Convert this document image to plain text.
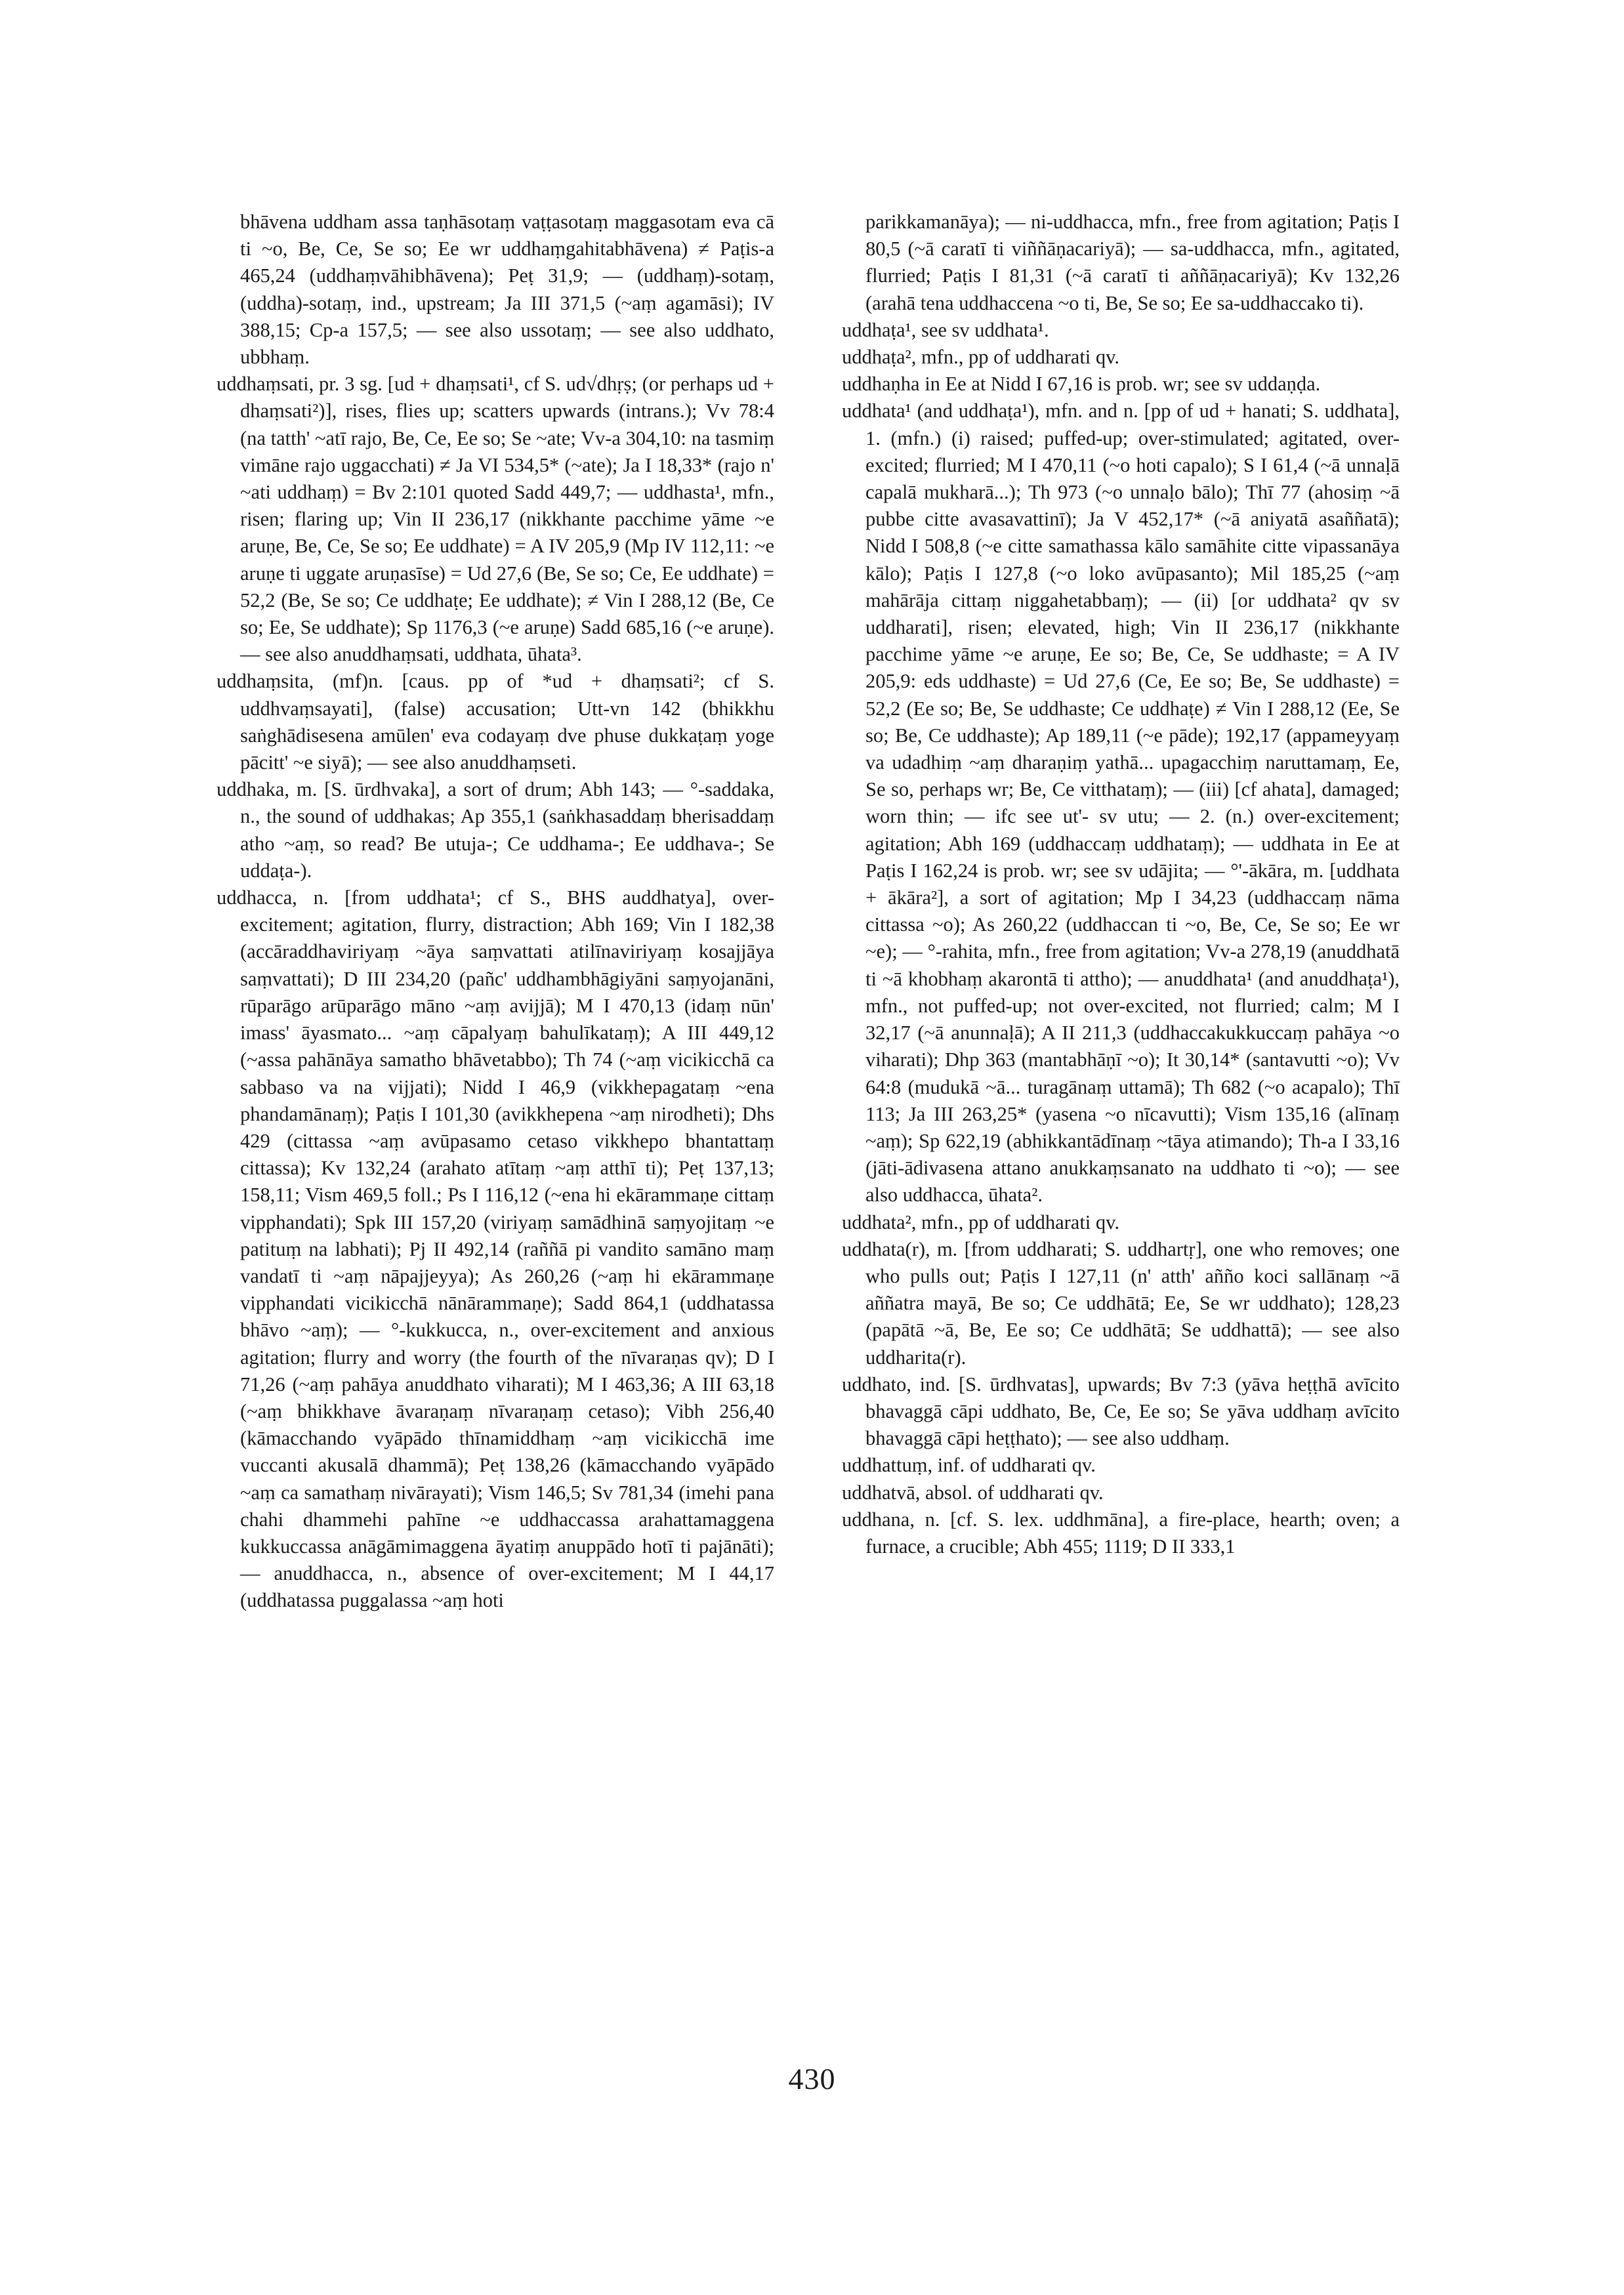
bhāvena uddham assa taṇhāsotaṃ vaṭṭasotaṃ maggasotam eva cā ti ~o, Be, Ce, Se so; Ee wr uddhaṃgahitabhāvena) ≠ Paṭis-a 465,24 (uddhaṃvāhibhāvena); Peṭ 31,9; — (uddhaṃ)-sotaṃ, (uddha)-sotaṃ, ind., upstream; Ja III 371,5 (~aṃ agamāsi); IV 388,15; Cp-a 157,5; — see also ussotaṃ; — see also uddhato, ubbhaṃ.

uddhaṃsati, pr. 3 sg. [ud + dhaṃsati¹, cf S. ud√dhṛṣ; (or perhaps ud + dhaṃsati²)], rises, flies up; scatters upwards (intrans.); Vv 78:4 (na tatth' ~atī rajo, Be, Ce, Ee so; Se ~ate; Vv-a 304,10: na tasmiṃ vimāne rajo uggacchati) ≠ Ja VI 534,5* (~ate); Ja I 18,33* (rajo n' ~ati uddhaṃ) = Bv 2:101 quoted Sadd 449,7; — uddhasta¹, mfn., risen; flaring up; Vin II 236,17 (nikkhante pacchime yāme ~e aruṇe, Be, Ce, Se so; Ee uddhate) = A IV 205,9 (Mp IV 112,11: ~e aruṇe ti uggate aruṇasīse) = Ud 27,6 (Be, Se so; Ce, Ee uddhate) = 52,2 (Be, Se so; Ce uddhaṭe; Ee uddhate); ≠ Vin I 288,12 (Be, Ce so; Ee, Se uddhate); Sp 1176,3 (~e aruṇe) Sadd 685,16 (~e aruṇe). — see also anuddhaṃsati, uddhata, ūhata³.

uddhaṃsita, (mf)n. [caus. pp of *ud + dhaṃsati²; cf S. uddhvaṃsayati], (false) accusation; Utt-vn 142 (bhikkhu saṅghādisesena amūlen' eva codayaṃ dve phuse dukkaṭaṃ yoge pācitt' ~e siyā); — see also anuddhaṃseti.

uddhaka, m. [S. ūrdhvaka], a sort of drum; Abh 143; — °-saddaka, n., the sound of uddhakas; Ap 355,1 (saṅkhasaddaṃ bherisaddaṃ atho ~aṃ, so read? Be utuja-; Ce uddhama-; Ee uddhava-; Se uddaṭa-).

uddhacca, n. [from uddhata¹; cf S., BHS auddhatya], over-excitement; agitation, flurry, distraction; Abh 169; Vin I 182,38 (accāraddhaviriyaṃ ~āya saṃvattati atilīnaviriyaṃ kosajjāya saṃvattati); D III 234,20 (pañc' uddhambhāgiyāni saṃyojanāni, rūparāgo arūparāgo māno ~aṃ avijjā); M I 470,13 (idaṃ nūn' imass' āyasmato... ~aṃ cāpalyaṃ bahulīkataṃ); A III 449,12 (~assa pahānāya samatho bhāvetabbo); Th 74 (~aṃ vicikicchā ca sabbaso va na vijjati); Nidd I 46,9 (vikkhepagataṃ ~ena phandamānaṃ); Paṭis I 101,30 (avikkhepena ~aṃ nirodheti); Dhs 429 (cittassa ~aṃ avūpasamo cetaso vikkhepo bhantattaṃ cittassa); Kv 132,24 (arahato atītaṃ ~aṃ atthī ti); Peṭ 137,13; 158,11; Vism 469,5 foll.; Ps I 116,12 (~ena hi ekārammaṇe cittaṃ vipphandati); Spk III 157,20 (viriyaṃ samādhinā saṃyojitaṃ ~e patituṃ na labhati); Pj II 492,14 (raññā pi vandito samāno maṃ vandatī ti ~aṃ nāpajjeyya); As 260,26 (~aṃ hi ekārammaṇe vipphandati vicikicchā nānārammaṇe); Sadd 864,1 (uddhatassa bhāvo ~aṃ); — °-kukkucca, n., over-excitement and anxious agitation; flurry and worry (the fourth of the nīvaraṇas qv); D I 71,26 (~aṃ pahāya anuddhato viharati); M I 463,36; A III 63,18 (~aṃ bhikkhave āvaraṇaṃ nīvaraṇaṃ cetaso); Vibh 256,40 (kāmacchando vyāpādo thīnamiddhaṃ ~aṃ vicikicchā ime vuccanti akusalā dhammā); Peṭ 138,26 (kāmacchando vyāpādo ~aṃ ca samathaṃ nivārayati); Vism 146,5; Sv 781,34 (imehi pana chahi dhammehi pahīne ~e uddhaccassa arahattamaggena kukkuccassa anāgāmimaggena āyatiṃ anuppādo hotī ti pajānāti); — anuddhacca, n., absence of over-excitement; M I 44,17 (uddhatassa puggalassa ~aṃ hoti

parikkamanāya); — ni-uddhacca, mfn., free from agitation; Paṭis I 80,5 (~ā caratī ti viññāṇacariyā); — sa-uddhacca, mfn., agitated, flurried; Paṭis I 81,31 (~ā caratī ti aññāṇacariyā); Kv 132,26 (arahā tena uddhaccena ~o ti, Be, Se so; Ee sa-uddhaccako ti).

uddhaṭa¹, see sv uddhata¹.

uddhaṭa², mfn., pp of uddharati qv.

uddhaṇha in Ee at Nidd I 67,16 is prob. wr; see sv uddaṇḍa.

uddhata¹ (and uddhaṭa¹), mfn. and n. [pp of ud + hanati; S. uddhata], 1. (mfn.) (i) raised; puffed-up; over-stimulated; agitated, over-excited; flurried; M I 470,11 (~o hoti capalo); S I 61,4 (~ā unnaḷā capalā mukharā...); Th 973 (~o unnaḷo bālo); Thī 77 (ahosiṃ ~ā pubbe citte avasavattinī); Ja V 452,17* (~ā aniyatā asaññatā); Nidd I 508,8 (~e citte samathassa kālo samāhite citte vipassanāya kālo); Paṭis I 127,8 (~o loko avūpasanto); Mil 185,25 (~aṃ mahārāja cittaṃ niggahetabbaṃ); — (ii) [or uddhata² qv sv uddharati], risen; elevated, high; Vin II 236,17 (nikkhante pacchime yāme ~e aruṇe, Ee so; Be, Ce, Se uddhaste; = A IV 205,9: eds uddhaste) = Ud 27,6 (Ce, Ee so; Be, Se uddhaste) = 52,2 (Ee so; Be, Se uddhaste; Ce uddhaṭe) ≠ Vin I 288,12 (Ee, Se so; Be, Ce uddhaste); Ap 189,11 (~e pāde); 192,17 (appameyyaṃ va udadhiṃ ~aṃ dharaṇiṃ yathā... upagacchiṃ naruttamaṃ, Ee, Se so, perhaps wr; Be, Ce vitthataṃ); — (iii) [cf ahata], damaged; worn thin; — ifc see ut'- sv utu; — 2. (n.) over-excitement; agitation; Abh 169 (uddhaccaṃ uddhataṃ); — uddhata in Ee at Paṭis I 162,24 is prob. wr; see sv udājita; — °'-ākāra, m. [uddhata + ākāra²], a sort of agitation; Mp I 34,23 (uddhaccaṃ nāma cittassa ~o); As 260,22 (uddhaccan ti ~o, Be, Ce, Se so; Ee wr ~e); — °-rahita, mfn., free from agitation; Vv-a 278,19 (anuddhatā ti ~ā khobhaṃ akarontā ti attho); — anuddhata¹ (and anuddhaṭa¹), mfn., not puffed-up; not over-excited, not flurried; calm; M I 32,17 (~ā anunnaḷā); A II 211,3 (uddhaccakukkuccaṃ pahāya ~o viharati); Dhp 363 (mantabhāṇī ~o); It 30,14* (santavutti ~o); Vv 64:8 (mudukā ~ā... turagānaṃ uttamā); Th 682 (~o acapalo); Thī 113; Ja III 263,25* (yasena ~o nīcavutti); Vism 135,16 (alīnaṃ ~aṃ); Sp 622,19 (abhikkantādīnaṃ ~tāya atimando); Th-a I 33,16 (jāti-ādivasena attano anukkaṃsanato na uddhato ti ~o); — see also uddhacca, ūhata².

uddhata², mfn., pp of uddharati qv.

uddhata(r), m. [from uddharati; S. uddhartṛ], one who removes; one who pulls out; Paṭis I 127,11 (n' atth' añño koci sallānaṃ ~ā aññatra mayā, Be so; Ce uddhātā; Ee, Se wr uddhato); 128,23 (papātā ~ā, Be, Ee so; Ce uddhātā; Se uddhattā); — see also uddharita(r).

uddhato, ind. [S. ūrdhvatas], upwards; Bv 7:3 (yāva heṭṭhā avīcito bhavaggā cāpi uddhato, Be, Ce, Ee so; Se yāva uddhaṃ avīcito bhavaggā cāpi heṭṭhato); — see also uddhaṃ.

uddhattuṃ, inf. of uddharati qv.

uddhatvā, absol. of uddharati qv.

uddhana, n. [cf. S. lex. uddhmāna], a fire-place, hearth; oven; a furnace, a crucible; Abh 455; 1119; D II 333,1

430
